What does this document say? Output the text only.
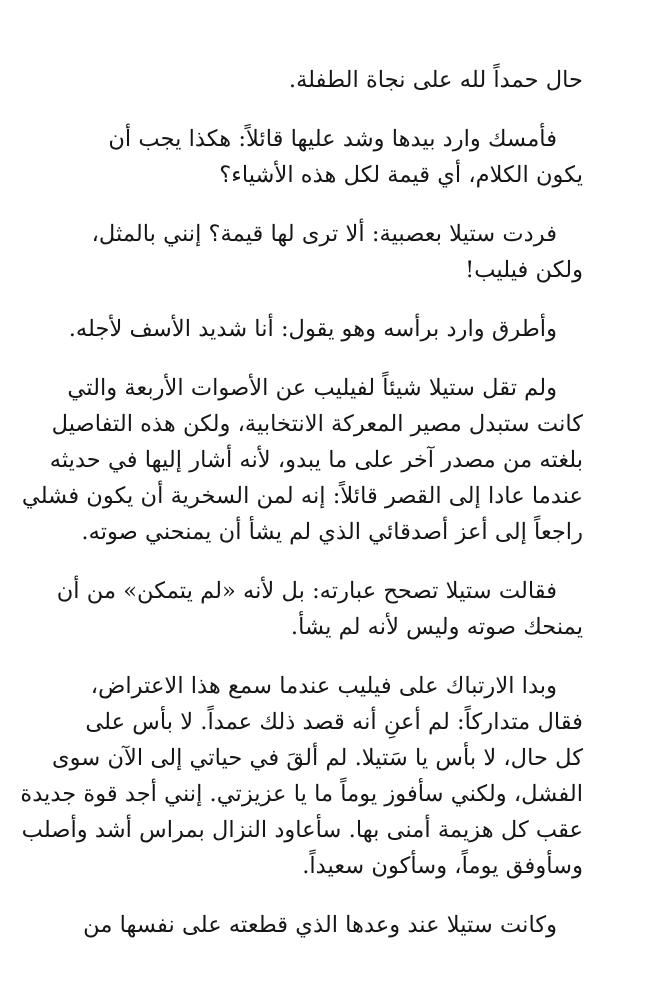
حال حمداً لله على نجاة الطفلة.

فأمسك وارد بيدها وشد عليها قائلاً: هكذا يجب أن
يكون الكلام، أي قيمة لكل هذه الأشياء؟

فردت ستيلا بعصبية: ألا ترى لها قيمة؟ إنني بالمثل،
ولكن فيليب!

وأطرق وارد برأسه وهو يقول: أنا شديد الأسف لأجله.

ولم تقل ستيلا شيئاً لفيليب عن الأصوات الأربعة والتي
كانت ستبدل مصير المعركة الانتخابية، ولكن هذه التفاصيل
بلغته من مصدر آخر على ما يبدو، لأنه أشار إليها في حديثه
عندما عادا إلى القصر قائلاً: إنه لمن السخرية أن يكون فشلي
راجعاً إلى أعز أصدقائي الذي لم يشأ أن يمنحني صوته.

فقالت ستيلا تصحح عبارته: بل لأنه «لم يتمكن» من أن
يمنحك صوته وليس لأنه لم يشأ.

وبدا الارتباك على فيليب عندما سمع هذا الاعتراض،
فقال متداركاً: لم أعنِ أنه قصد ذلك عمداً. لا بأس على
كل حال، لا بأس يا سَتيلا. لم ألقَ في حياتي إلى الآن سوى
الفشل، ولكني سأفوز يوماً ما يا عزيزتي. إنني أجد قوة جديدة
عقب كل هزيمة أمنى بها. سأعاود النزال بمراس أشد وأصلب
وسأوفق يوماً، وسأكون سعيداً.

وكانت ستيلا عند وعدها الذي قطعته على نفسها من
